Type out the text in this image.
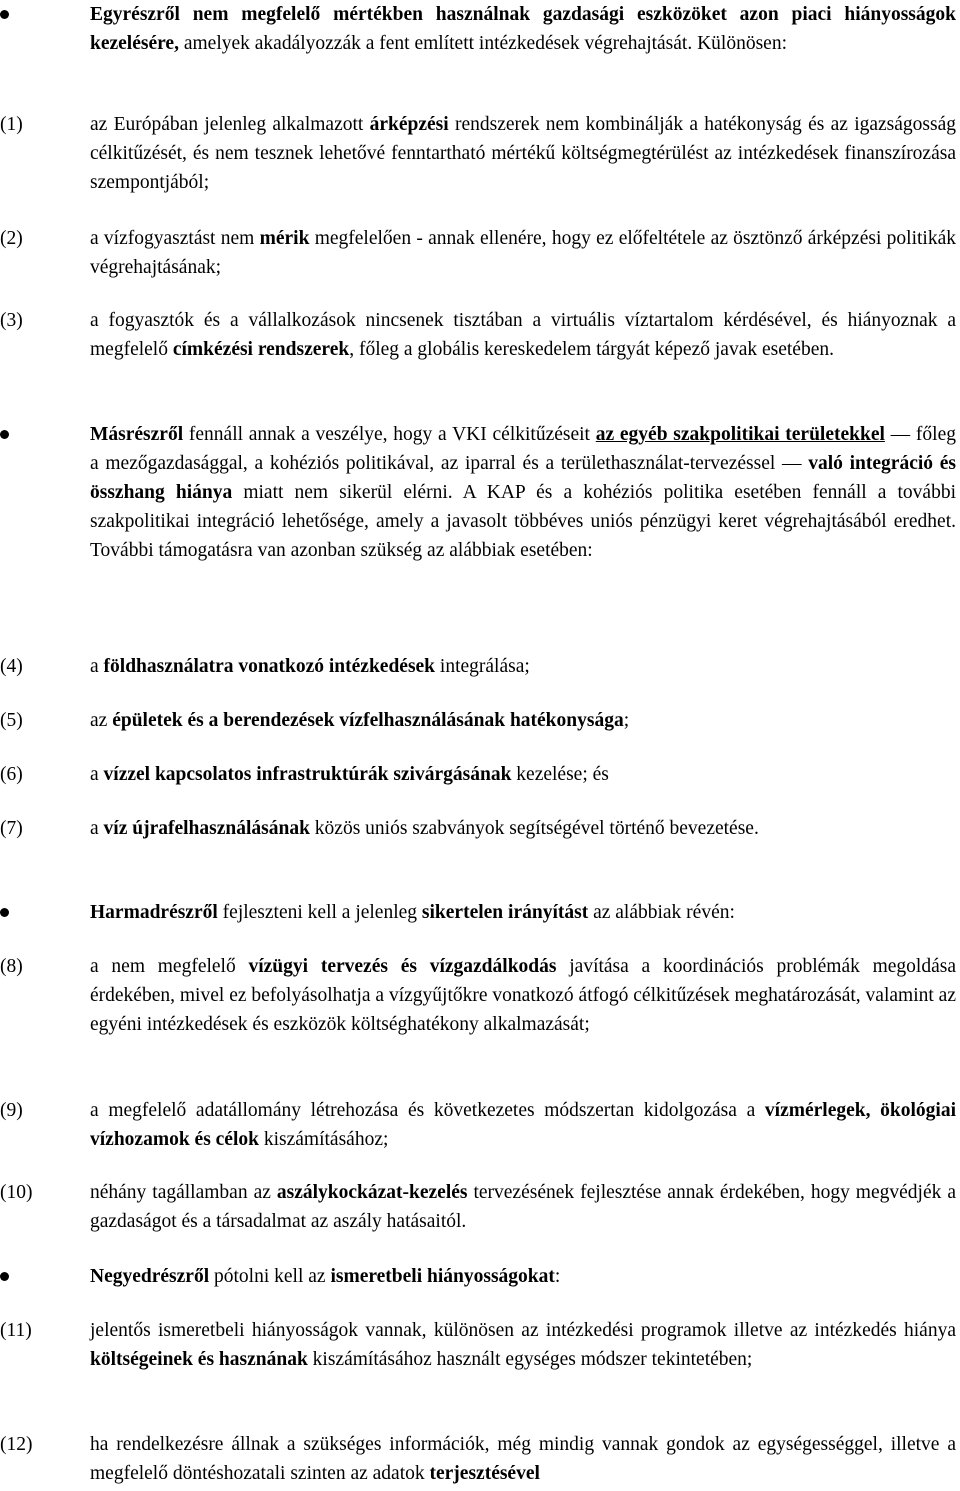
Egyrészről nem megfelelő mértékben használnak gazdasági eszközöket azon piaci hiányosságok kezelésére, amelyek akadályozzák a fent említett intézkedések végrehajtását. Különösen:
(1)	az Európában jelenleg alkalmazott árképzési rendszerek nem kombinálják a hatékonyság és az igazságosság célkitűzését, és nem tesznek lehetővé fenntartható mértékű költségmegtérülést az intézkedések finanszírozása szempontjából;
(2)	a vízfogyasztást nem mérik megfelelően - annak ellenére, hogy ez előfeltétele az ösztönző árképzési politikák végrehajtásának;
(3)	a fogyasztók és a vállalkozások nincsenek tisztában a virtuális víztartalom kérdésével, és hiányoznak a megfelelő címkézési rendszerek, főleg a globális kereskedelem tárgyát képező javak esetében.
Másrészről fennáll annak a veszélye, hogy a VKI célkitűzéseit az egyéb szakpolitikai területekkel — főleg a mezőgazdasággal, a kohéziós politikával, az iparral és a területhasználat-tervezéssel — való integráció és összhang hiánya miatt nem sikerül elérni. A KAP és a kohéziós politika esetében fennáll a további szakpolitikai integráció lehetősége, amely a javasolt többéves uniós pénzügyi keret végrehajtásából eredhet. További támogatásra van azonban szükség az alábbiak esetében:
(4)	a földhasználatra vonatkozó intézkedések integrálása;
(5)	az épületek és a berendezések vízfelhasználásának hatékonysága;
(6)	a vízzel kapcsolatos infrastruktúrák szivárgásának kezelése; és
(7)	a víz újrafelhasználásának közös uniós szabványok segítségével történő bevezetése.
Harmadrészről fejleszteni kell a jelenleg sikertelen irányítást az alábbiak révén:
(8)	a nem megfelelő vízügyi tervezés és vízgazdálkodás javítása a koordinációs problémák megoldása érdekében, mivel ez befolyásolhatja a vízgyűjtőkre vonatkozó átfogó célkitűzések meghatározását, valamint az egyéni intézkedések és eszközök költséghatékony alkalmazását;
(9)	a megfelelő adatállomány létrehozása és következetes módszertan kidolgozása a vízmérlegek, ökológiai vízhozamok és célok kiszámításához;
(10)	néhány tagállamban az aszálykockázat-kezelés tervezésének fejlesztése annak érdekében, hogy megvédjék a gazdaságot és a társadalmat az aszály hatásaitól.
Negyedrészről pótolni kell az ismeretbeli hiányosságokat:
(11)	jelentős ismeretbeli hiányosságok vannak, különösen az intézkedési programok illetve az intézkedés hiánya költségeinek és hasznának kiszámításához használt egységes módszer tekintetében;
(12)	ha rendelkezésre állnak a szükséges információk, még mindig vannak gondok az egységességgel, illetve a megfelelő döntéshozatali szinten az adatok terjesztésével
